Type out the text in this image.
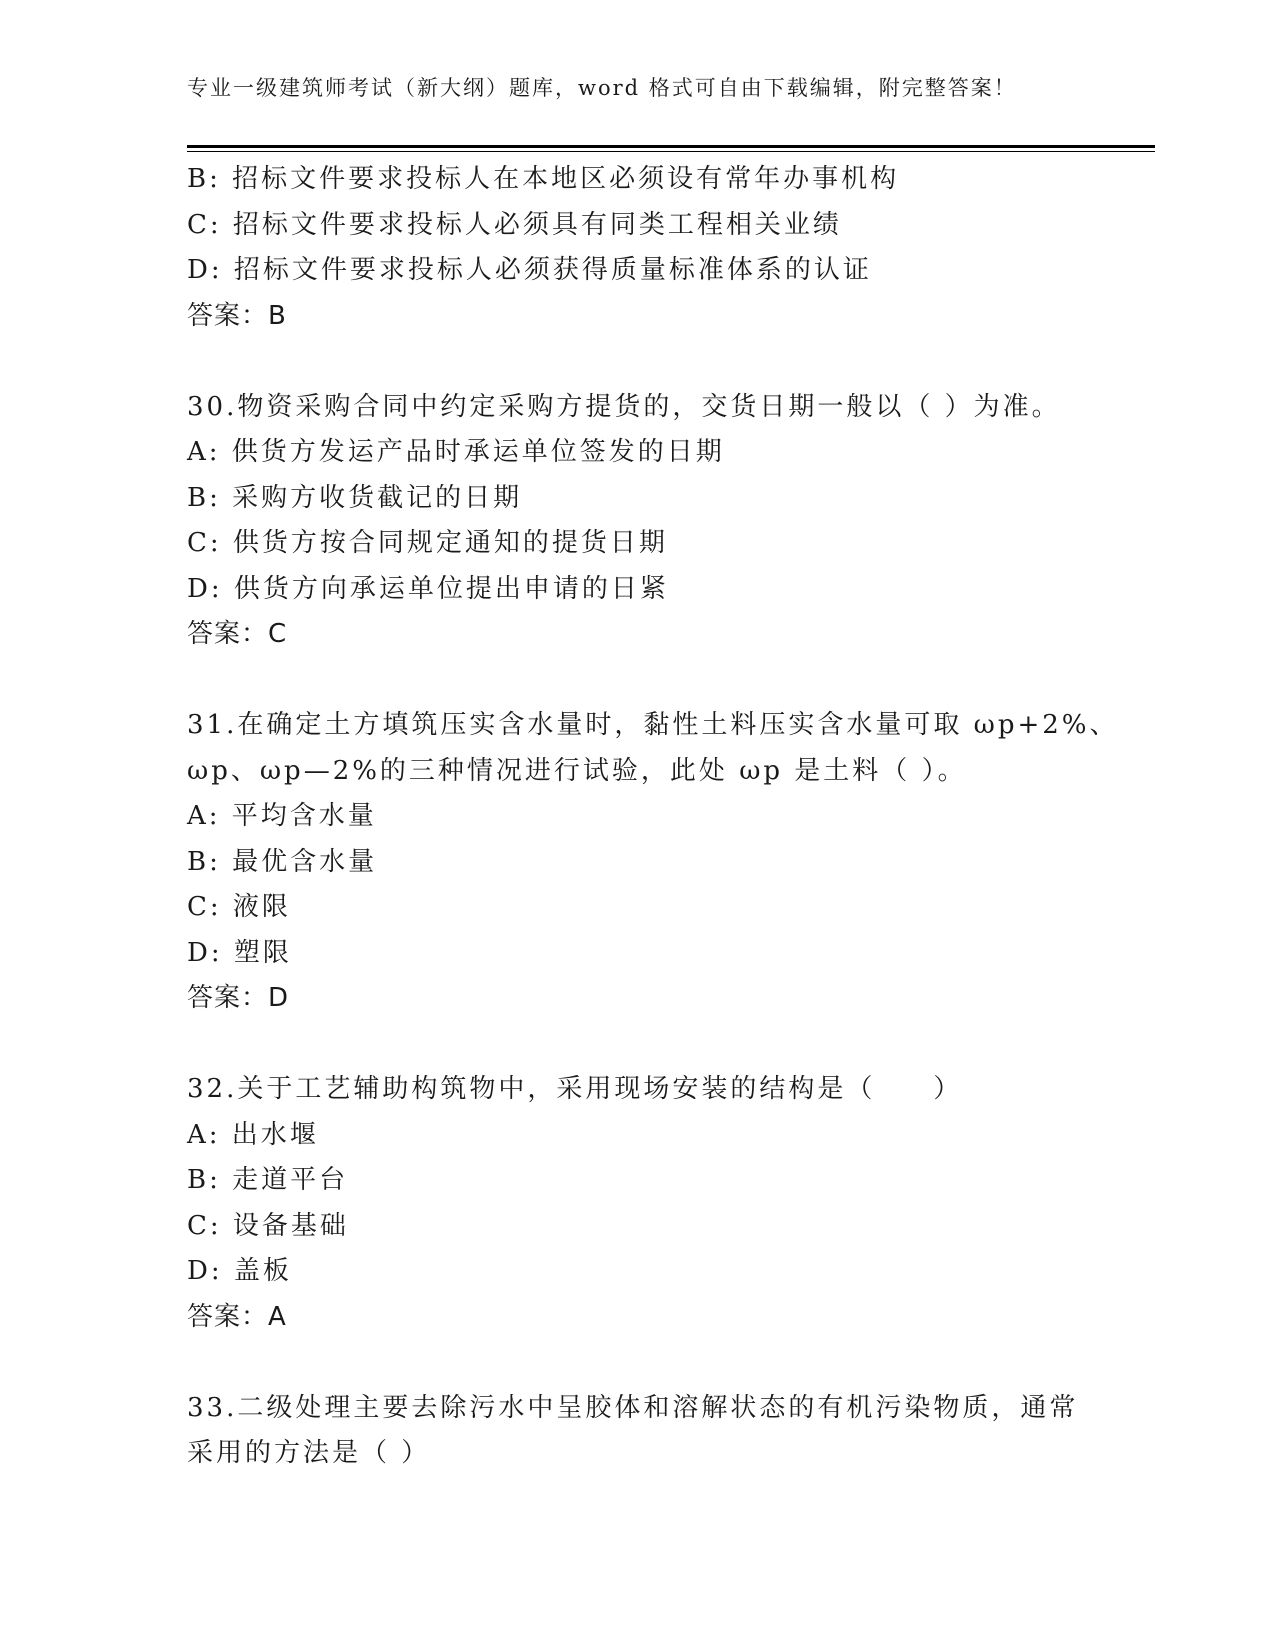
专业一级建筑师考试（新大纲）题库，word 格式可自由下载编辑，附完整答案！
B: 招标文件要求投标人在本地区必须设有常年办事机构
C: 招标文件要求投标人必须具有同类工程相关业绩
D: 招标文件要求投标人必须获得质量标准体系的认证
答案：B
30.物资采购合同中约定采购方提货的，交货日期一般以（ ）为准。
A: 供货方发运产品时承运单位签发的日期
B: 采购方收货截记的日期
C: 供货方按合同规定通知的提货日期
D: 供货方向承运单位提出申请的日紧
答案：C
31.在确定土方填筑压实含水量时，黏性土料压实含水量可取 ωp+2%、
ωp、ωp—2%的三种情况进行试验，此处 ωp 是土料（ ）。
A: 平均含水量
B: 最优含水量
C: 液限
D: 塑限
答案：D
32.关于工艺辅助构筑物中，采用现场安装的结构是（　　）
A: 出水堰
B: 走道平台
C: 设备基础
D: 盖板
答案：A
33.二级处理主要去除污水中呈胶体和溶解状态的有机污染物质，通常
采用的方法是（ ）
